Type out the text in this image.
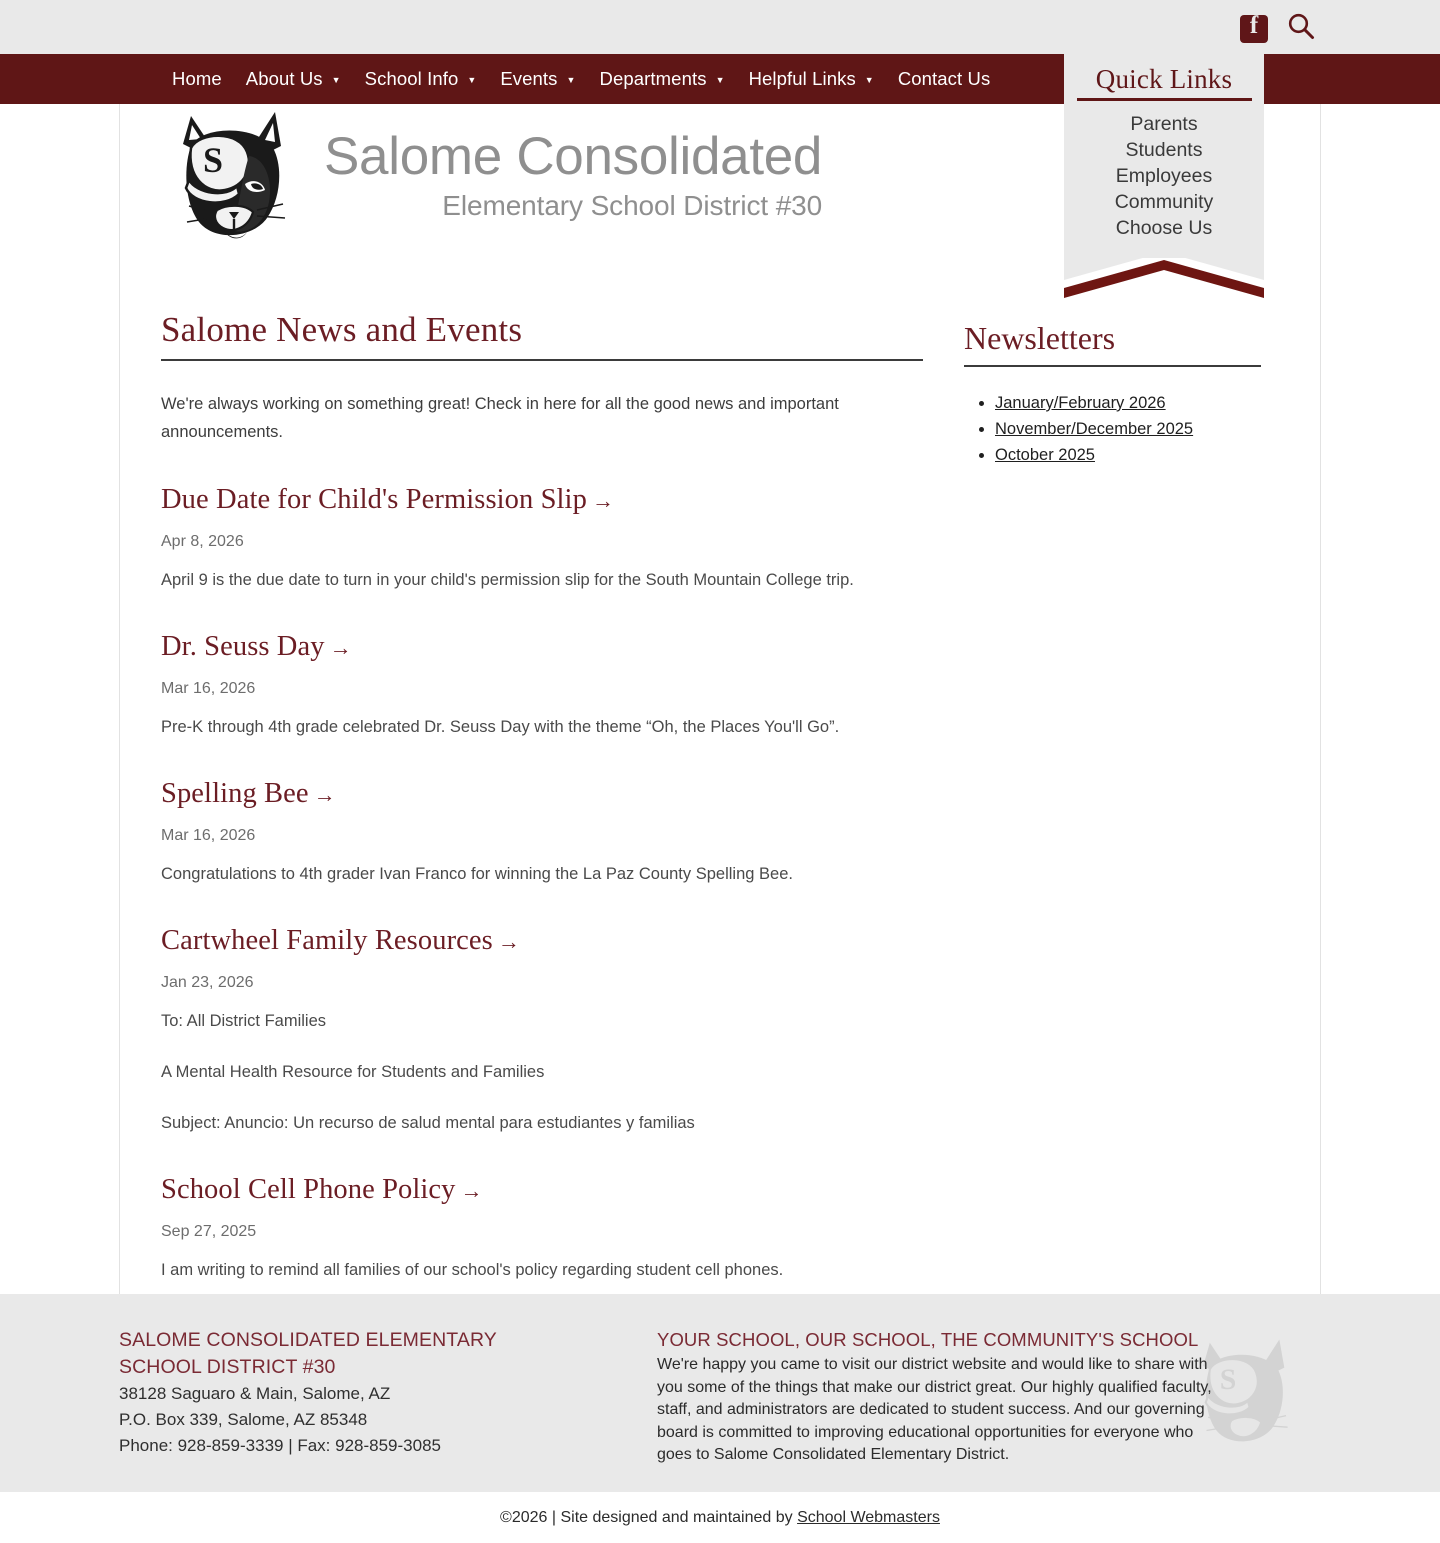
f
Home About Us ▼ School Info ▼ Events ▼ Departments ▼ Helpful Links ▼ Contact Us	Quick Links
Parents
Students
Employees
Community
Choose Us
S Salome Consolidated
Elementary School District #30
Salome News and Events

We're always working on something great! Check in here for all the good news and important announcements.

Due Date for Child's Permission Slip →
Apr 8, 2026

April 9 is the due date to turn in your child's permission slip for the South Mountain College trip.

Dr. Seuss Day →
Mar 16, 2026

Pre-K through 4th grade celebrated Dr. Seuss Day with the theme “Oh, the Places You'll Go”.

Spelling Bee →
Mar 16, 2026

Congratulations to 4th grader Ivan Franco for winning the La Paz County Spelling Bee.

Cartwheel Family Resources →
Jan 23, 2026

To: All District Families

A Mental Health Resource for Students and Families

Subject: Anuncio: Un recurso de salud mental para estudiantes y familias

School Cell Phone Policy →
Sep 27, 2025

I am writing to remind all families of our school's policy regarding student cell phones.

Newsletters
• January/February 2026
• November/December 2025
• October 2025
SALOME CONSOLIDATED ELEMENTARY
SCHOOL DISTRICT #30
38128 Saguaro & Main, Salome, AZ
P.O. Box 339, Salome, AZ 85348
Phone: 928-859-3339 | Fax: 928-859-3085
YOUR SCHOOL, OUR SCHOOL, THE COMMUNITY'S SCHOOL

We're happy you came to visit our district website and would like to share with you some of the things that make our district great. Our highly qualified faculty, staff, and administrators are dedicated to student success. And our governing board is committed to improving educational opportunities for everyone who goes to Salome Consolidated Elementary District.

S
©2026 | Site designed and maintained by School Webmasters
